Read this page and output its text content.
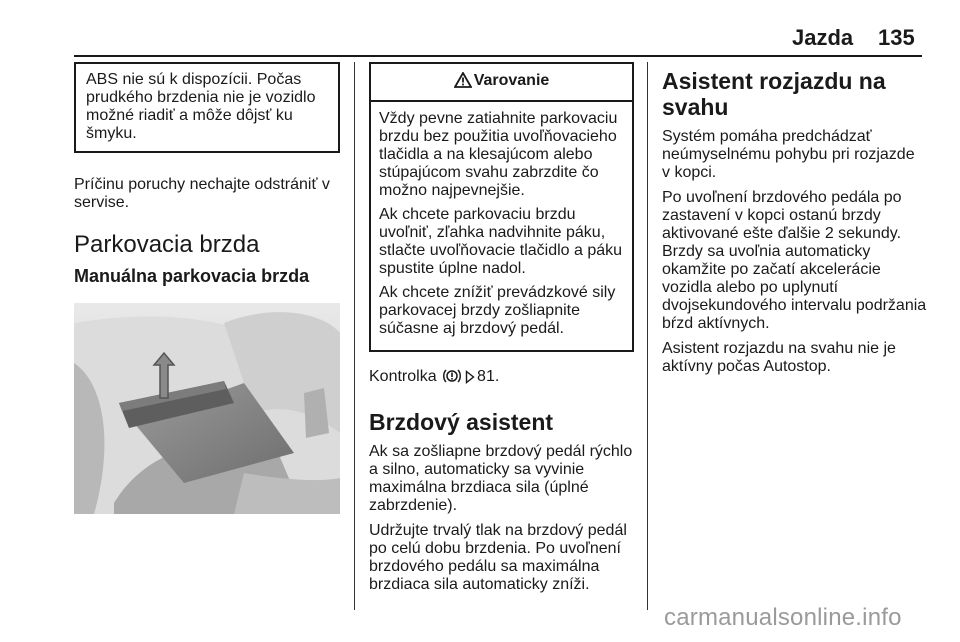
Jazda 135

ABS nie sú k dispozícii. Počas prudkého brzdenia nie je vozidlo možné riadiť a môže dôjsť ku šmyku.

Príčinu poruchy nechajte odstrániť v servise.

Parkovacia brzda
Manuálna parkovacia brzda
Varovanie

Vždy pevne zatiahnite parkovaciu brzdu bez použitia uvoľňovacieho tlačidla a na klesajúcom alebo stúpajúcom svahu zabrzdite čo možno najpevnejšie.

Ak chcete parkovaciu brzdu uvoľniť, zľahka nadvihnite páku, stlačte uvoľňovacie tlačidlo a páku spustite úplne nadol.

Ak chcete znížiť prevádzkové sily parkovacej brzdy zošliapnite súčasne aj brzdový pedál.

Kontrolka	81.

Brzdový asistent

Ak sa zošliapne brzdový pedál rýchlo a silno, automaticky sa vyvinie maximálna brzdiaca sila (úplné zabrzdenie).

Udržujte trvalý tlak na brzdový pedál po celú dobu brzdenia. Po uvoľnení brzdového pedálu sa maximálna brzdiaca sila automaticky zníži.

Asistent rozjazdu na svahu

Systém pomáha predchádzať neúmyselnému pohybu pri rozjazde v kopci.

Po uvoľnení brzdového pedála po zastavení v kopci ostanú brzdy aktivované ešte ďalšie 2 sekundy. Brzdy sa uvoľnia automaticky okamžite po začatí akcelerácie vozidla alebo po uplynutí dvojsekundového intervalu podržania bŕzd aktívnych.

Asistent rozjazdu na svahu nie je aktívny počas Autostop.

carmanualsonline.info
